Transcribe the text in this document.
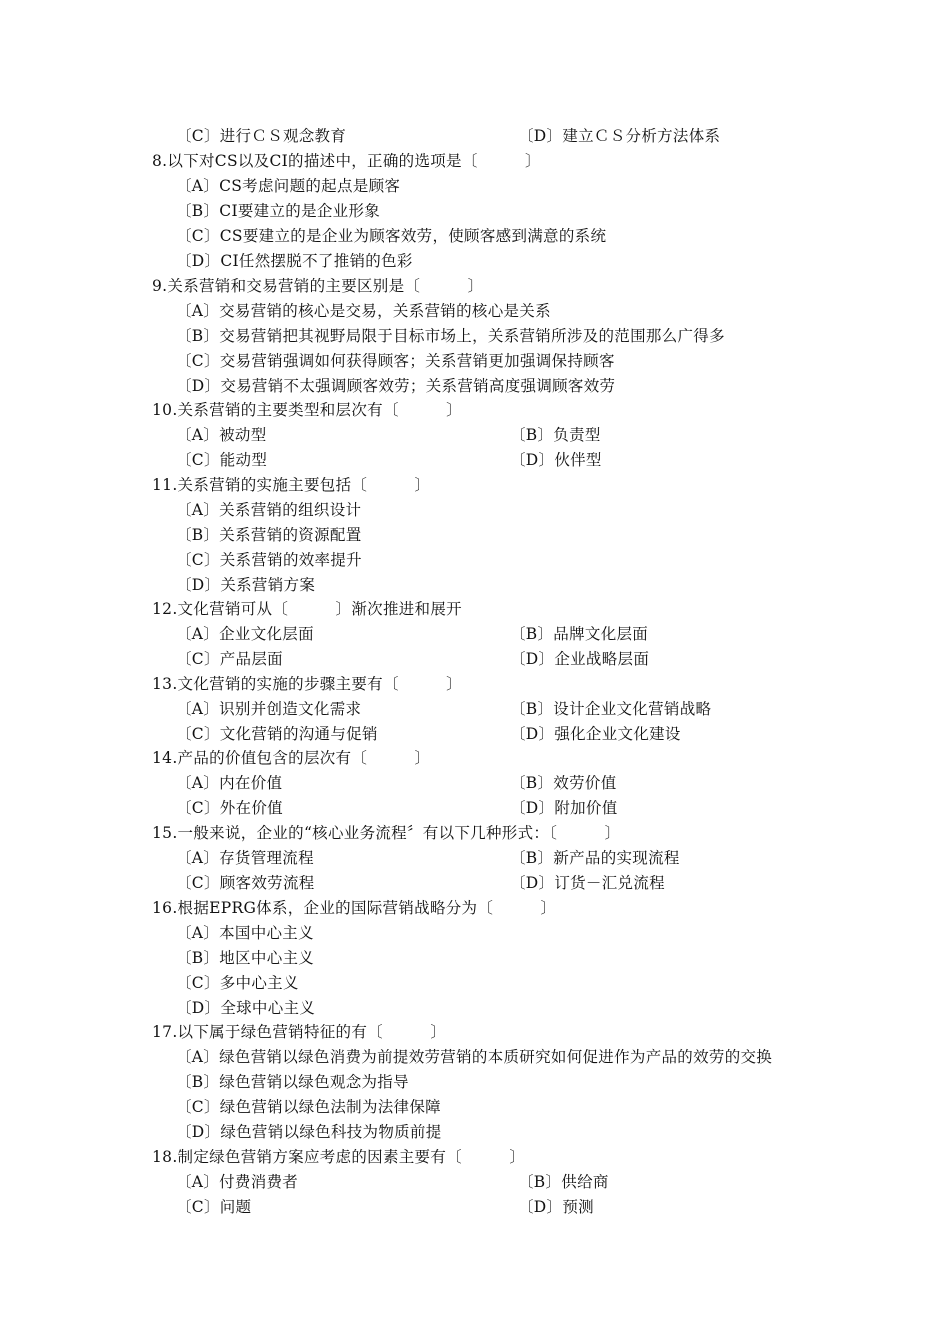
〔C〕进行ＣＳ观念教育	〔D〕建立ＣＳ分析方法体系
8.以下对CS以及CI的描述中，正确的选项是〔　　　〕
〔A〕CS考虑问题的起点是顾客
〔B〕CI要建立的是企业形象
〔C〕CS要建立的是企业为顾客效劳，使顾客感到满意的系统
〔D〕CI任然摆脱不了推销的色彩
9.关系营销和交易营销的主要区别是〔　　　〕
〔A〕交易营销的核心是交易，关系营销的核心是关系
〔B〕交易营销把其视野局限于目标市场上，关系营销所涉及的范围那么广得多
〔C〕交易营销强调如何获得顾客；关系营销更加强调保持顾客
〔D〕交易营销不太强调顾客效劳；关系营销高度强调顾客效劳
10.关系营销的主要类型和层次有〔　　　〕
〔A〕被动型	〔B〕负责型
〔C〕能动型	〔D〕伙伴型
11.关系营销的实施主要包括〔　　　〕
〔A〕关系营销的组织设计
〔B〕关系营销的资源配置
〔C〕关系营销的效率提升
〔D〕关系营销方案
12.文化营销可从〔　　　〕渐次推进和展开
〔A〕企业文化层面	〔B〕品牌文化层面
〔C〕产品层面	〔D〕企业战略层面
13.文化营销的实施的步骤主要有〔　　　〕
〔A〕识别并创造文化需求	〔B〕设计企业文化营销战略
〔C〕文化营销的沟通与促销	〔D〕强化企业文化建设
14.产品的价值包含的层次有〔　　　〕
〔A〕内在价值	〔B〕效劳价值
〔C〕外在价值	〔D〕附加价值
15.一般来说，企业的“核心业务流程〞有以下几种形式：〔　　　〕
〔A〕存货管理流程	〔B〕新产品的实现流程
〔C〕顾客效劳流程	〔D〕订货－汇兑流程
16.根据EPRG体系，企业的国际营销战略分为〔　　　〕
〔A〕本国中心主义
〔B〕地区中心主义
〔C〕多中心主义
〔D〕全球中心主义
17.以下属于绿色营销特征的有〔　　　〕
〔A〕绿色营销以绿色消费为前提效劳营销的本质研究如何促进作为产品的效劳的交换
〔B〕绿色营销以绿色观念为指导
〔C〕绿色营销以绿色法制为法律保障
〔D〕绿色营销以绿色科技为物质前提
18.制定绿色营销方案应考虑的因素主要有〔　　　〕
〔A〕付费消费者	〔B〕供给商
〔C〕问题	〔D〕预测
